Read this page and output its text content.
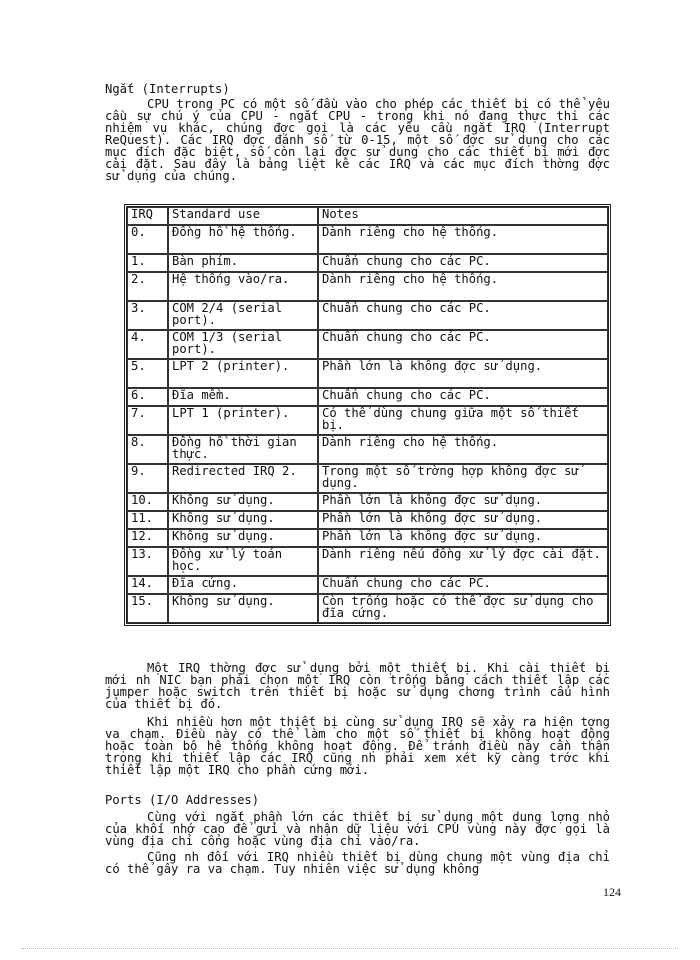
Ngắt (Interrupts)

CPU trong PC có một số đầu vào cho phép các thiết bị có thể yêu cầu sự chú ý của CPU - ngắt CPU - trong khi nó đang thực thi các nhiệm vụ khác, chúng đợc gọi là các yêu cầu ngắt IRQ (Interrupt ReQuest). Các IRQ đợc đánh số từ 0-15, một số đợc sử dụng cho các mục đích đặc biệt, số còn lại đợc sử dụng cho các thiết bị mới đợc cài đặt. Sau đây là bảng liệt kê các IRQ và các mục đích thờng đợc sử dụng của chúng.

IRQ	Standard use	Notes
0.	Đồng hồ hệ thống.	Dành riêng cho hệ thống.
1.	Bàn phím.	Chuẩn chung cho các PC.
2.	Hệ thống vào/ra.	Dành riêng cho hệ thống.
3.	COM 2/4 (serial port).	Chuẩn chung cho các PC.
4.	COM 1/3 (serial port).	Chuẩn chung cho các PC.
5.	LPT 2 (printer).	Phần lớn là không đợc sử dụng.
6.	Đĩa mềm.	Chuẩn chung cho các PC.
7.	LPT 1 (printer).	Có thể dùng chung giữa một số thiết bị.
8.	Đồng hồ thời gian thực.	Dành riêng cho hệ thống.
9.	Redirected IRQ 2.	Trong một số trờng hợp không đợc sử dụng.
10.	Không sử dụng.	Phần lớn là không đợc sử dụng.
11.	Không sử dụng.	Phần lớn là không đợc sử dụng.
12.	Không sử dụng.	Phần lớn là không đợc sử dụng.
13.	Đồng xử lý toán học.	Dành riêng nếu đồng xử lý đợc cài đặt.
14.	Đĩa cứng.	Chuẩn chung cho các PC.
15.	Không sử dụng.	Còn trống hoặc có thể đợc sử dụng cho đĩa cứng.

Một IRQ thờng đợc sử dụng bởi một thiết bị. Khi cài thiết bị mới nh NIC bạn phải chọn một IRQ còn trống bằng cách thiết lập các jumper hoặc switch trên thiết bị hoặc sử dụng chơng trình cấu hình của thiết bị đó.

Khi nhiều hơn một thiết bị cùng sử dụng IRQ sẽ xảy ra hiện tợng va chạm. Điều này có thể làm cho một số thiết bị không hoạt động hoặc toàn bộ hệ thống không hoạt động. Để tránh điều này cần thận trọng khi thiết lập các IRQ cũng nh phải xem xét kỹ càng trớc khi thiết lập một IRQ cho phần cứng mới.

Ports (I/O Addresses)

Cùng với ngắt phần lớn các thiết bị sử dụng một dung lợng nhỏ của khối nhớ cao để gửi và nhận dữ liệu với CPU vùng này đợc gọi là vùng địa chỉ cổng hoặc vùng địa chỉ vào/ra.

Cũng nh đối với IRQ nhiều thiết bị dùng chung một vùng địa chỉ có thể gây ra va chạm. Tuy nhiên việc sử dụng không

124
